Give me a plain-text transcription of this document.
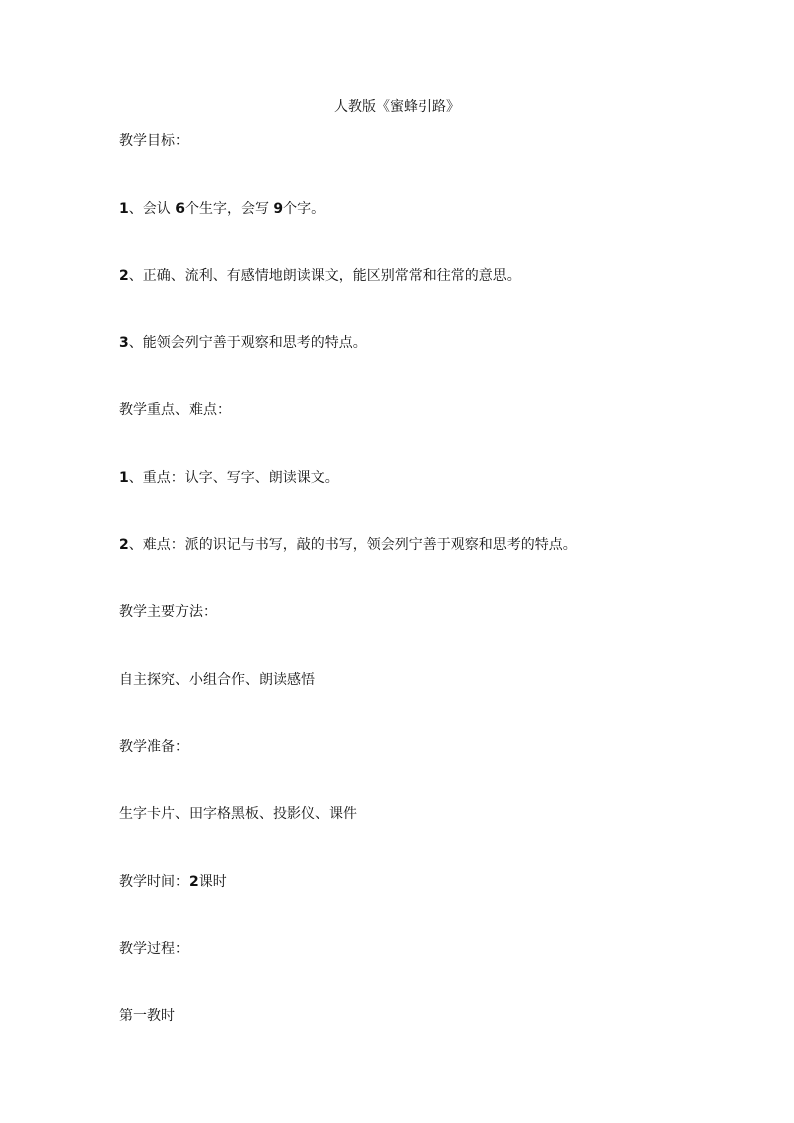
人教版《蜜蜂引路》
教学目标：
1、会认 6个生字，会写 9个字。
2、正确、流利、有感情地朗读课文，能区别常常和往常的意思。
3、能领会列宁善于观察和思考的特点。
教学重点、难点：
1、重点：认字、写字、朗读课文。
2、难点：派的识记与书写，敲的书写，领会列宁善于观察和思考的特点。
教学主要方法：
自主探究、小组合作、朗读感悟
教学准备：
生字卡片、田字格黑板、投影仪、课件
教学时间：2课时
教学过程：
第一教时
